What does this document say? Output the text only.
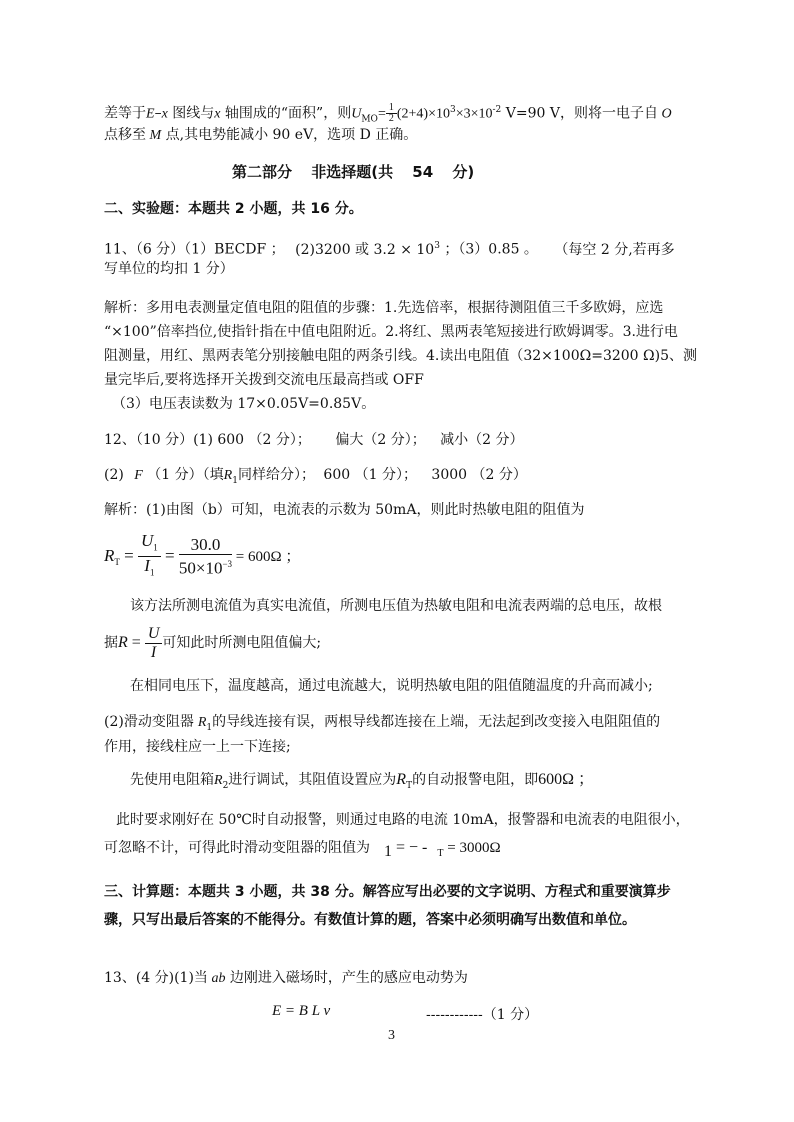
差等于E–x 图线与x 轴围成的“面积”，则$U_{MO}= \frac{1}{2} (2+4)\times 10^3\times 3\times 10^{-2}$ V=90 V，则将一电子自 O
点移至 M 点,其电势能减小 90 eV，选项 D 正确。
第二部分 非选择题(共 54 分)
二、实验题：本题共 2 小题，共 16 分。
11、（6 分）（1）BECDF ； (2)3200 或 $3.2 \times 10^3$ ；（3）0.85 。 （每空 2 分,若再多
写单位的均扣 1 分）
解析：多用电表测量定值电阻的阻值的步骤：1.先选倍率，根据待测阻值三千多欧姆，应选
“×100”倍率挡位,使指针指在中值电阻附近。2.将红、黑两表笔短接进行欧姆调零。3.进行电
阻测量，用红、黑两表笔分别接触电阻的两条引线。4.读出电阻值（32×100Ω=3200 Ω)5、测
量完毕后,要将选择开关拨到交流电压最高挡或 OFF
（3）电压表读数为 17×0.05V=0.85V。
12、（10 分）(1) 600 （2 分）； 偏大（2 分）； 减小（2 分）
(2) F （1 分）（填$R_1$同样给分）； 600 （1 分）； 3000 （2 分）
解析：(1)由图（b）可知，电流表的示数为 50mA，则此时热敏电阻的阻值为
$R_T = \frac{U_1}{I_1} = \frac{30.0}{50\times 10^{-3}} = 600\Omega$ ；
该方法所测电流值为真实电流值，所测电压值为热敏电阻和电流表两端的总电压，故根
据$R = \frac{U}{I}$ 可知此时所测电阻值偏大;
在相同电压下，温度越高，通过电流越大，说明热敏电阻的阻值随温度的升高而减小;
(2)滑动变阻器 $R_1$的导线连接有误，两根导线都连接在上端，无法起到改变接入电阻阻值的
作用，接线柱应一上一下连接;
先使用电阻箱$R_2$进行调试，其阻值设置应为$R_T$的自动报警电阻，即600Ω ；
此时要求刚好在 50℃时自动报警，则通过电路的电流 10mA，报警器和电流表的电阻很小，
可忽略不计，可得此时滑动变阻器的阻值为 1 = − - $_T$ = 3000Ω
三、计算题：本题共 3 小题，共 38 分。解答应写出必要的文字说明、方程式和重要演算步
骤，只写出最后答案的不能得分。有数值计算的题，答案中必须明确写出数值和单位。
13、(4 分)(1)当 ab 边刚进入磁场时，产生的感应电动势为
E = B L v	------------（1 分）
3
